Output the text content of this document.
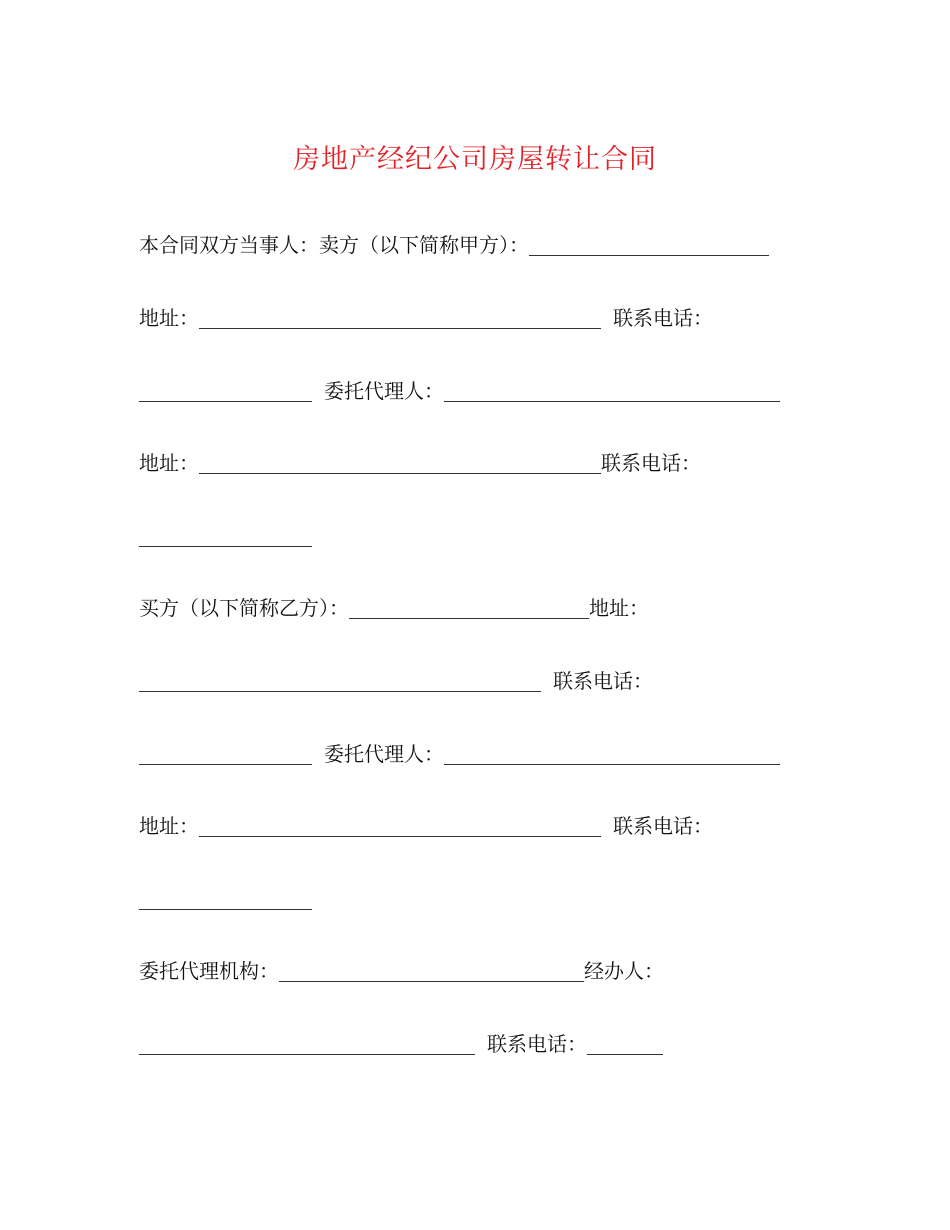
房地产经纪公司房屋转让合同
本合同双方当事人：卖方（以下简称甲方）：
地址：	联系电话：
委托代理人：
地址：	联系电话：
买方（以下简称乙方）：	地址：
联系电话：
委托代理人：
地址：	联系电话：
委托代理机构：	经办人：
联系电话：
